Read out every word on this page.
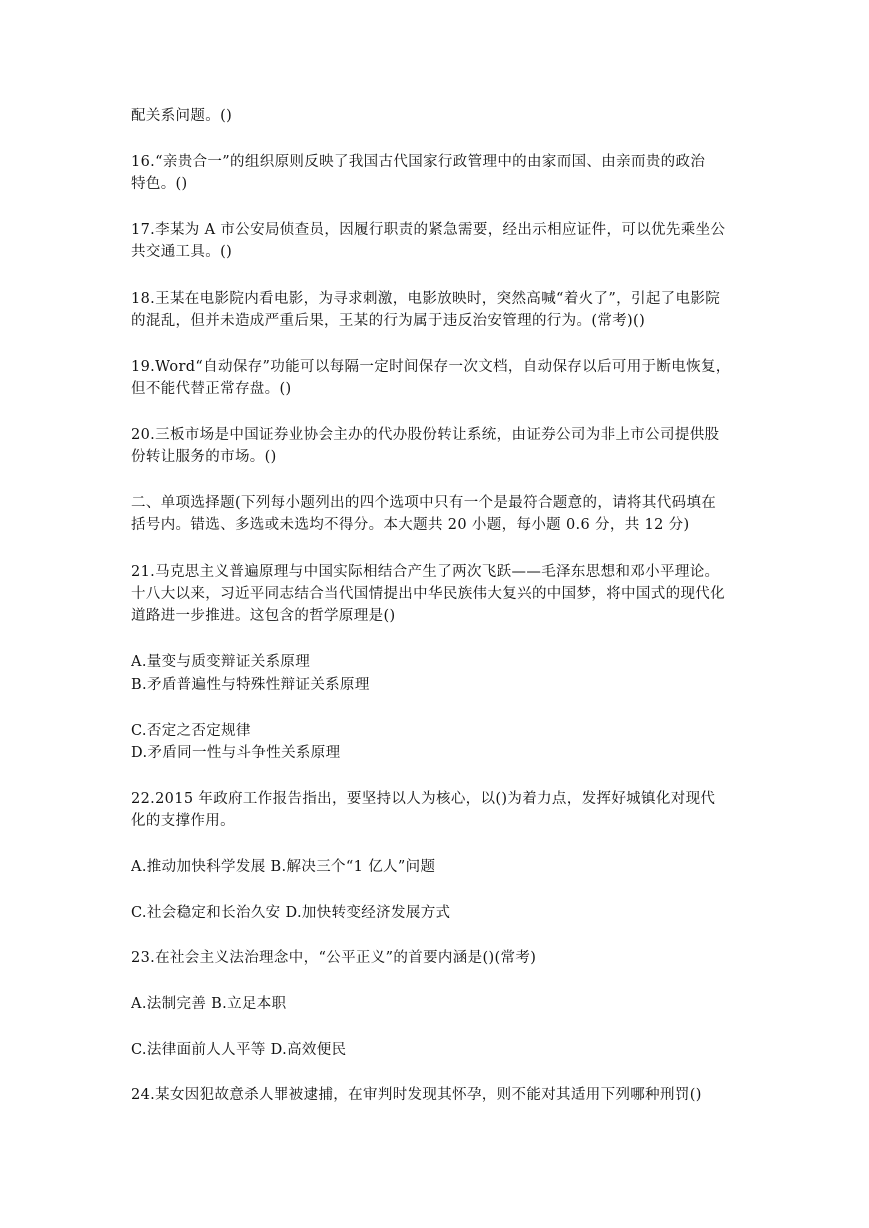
配关系问题。()
16.“亲贵合一”的组织原则反映了我国古代国家行政管理中的由家而国、由亲而贵的政治
特色。()
17.李某为 A 市公安局侦查员，因履行职责的紧急需要，经出示相应证件，可以优先乘坐公
共交通工具。()
18.王某在电影院内看电影，为寻求刺激，电影放映时，突然高喊“着火了”，引起了电影院
的混乱，但并未造成严重后果，王某的行为属于违反治安管理的行为。(常考)()
19.Word“自动保存”功能可以每隔一定时间保存一次文档，自动保存以后可用于断电恢复，
但不能代替正常存盘。()
20.三板市场是中国证券业协会主办的代办股份转让系统，由证券公司为非上市公司提供股
份转让服务的市场。()
二、单项选择题(下列每小题列出的四个选项中只有一个是最符合题意的，请将其代码填在
括号内。错选、多选或未选均不得分。本大题共 20 小题，每小题 0.6 分，共 12 分)
21.马克思主义普遍原理与中国实际相结合产生了两次飞跃——毛泽东思想和邓小平理论。
十八大以来，习近平同志结合当代国情提出中华民族伟大复兴的中国梦，将中国式的现代化
道路进一步推进。这包含的哲学原理是()
A.量变与质变辩证关系原理
B.矛盾普遍性与特殊性辩证关系原理
C.否定之否定规律
D.矛盾同一性与斗争性关系原理
22.2015 年政府工作报告指出，要坚持以人为核心，以()为着力点，发挥好城镇化对现代
化的支撑作用。
A.推动加快科学发展 B.解决三个“1 亿人”问题
C.社会稳定和长治久安 D.加快转变经济发展方式
23.在社会主义法治理念中，“公平正义”的首要内涵是()(常考)
A.法制完善 B.立足本职
C.法律面前人人平等 D.高效便民
24.某女因犯故意杀人罪被逮捕，在审判时发现其怀孕，则不能对其适用下列哪种刑罚()
